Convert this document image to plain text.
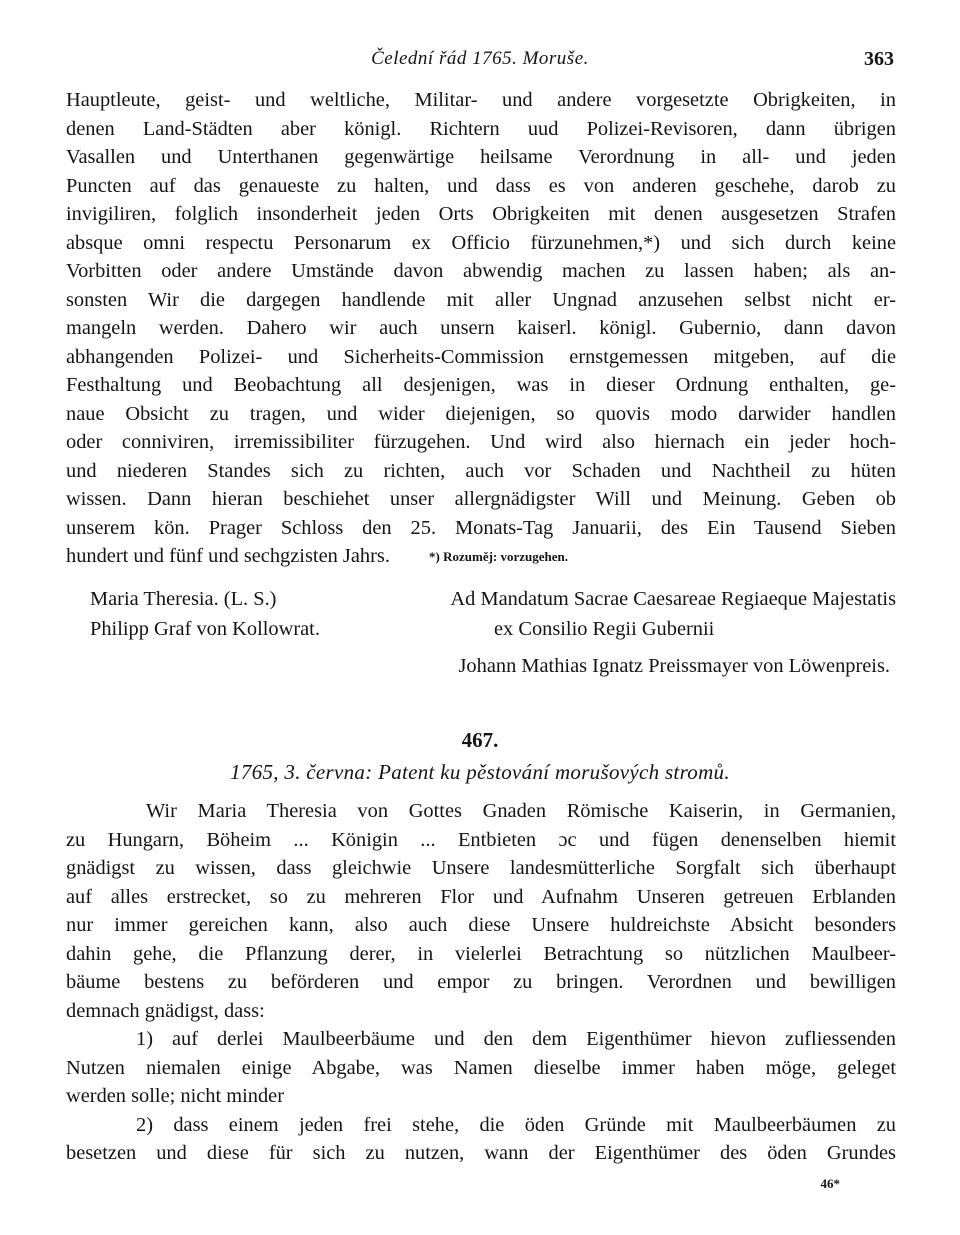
Čelední řád 1765. Moruše.	363
Hauptleute, geist- und weltliche, Militar- und andere vorgesetzte Obrigkeiten, in
denen Land-Städten aber königl. Richtern uud Polizei-Revisoren, dann übrigen
Vasallen und Unterthanen gegenwärtige heilsame Verordnung in all- und jeden
Puncten auf das genaueste zu halten, und dass es von anderen geschehe, darob zu
invigiliren, folglich insonderheit jeden Orts Obrigkeiten mit denen ausgesetzen Strafen
absque omni respectu Personarum ex Officio fürzunehmen,*) und sich durch keine
Vorbitten oder andere Umstände davon abwendig machen zu lassen haben; als an-
sonsten Wir die dargegen handlende mit aller Ungnad anzusehen selbst nicht er-
mangeln werden. Dahero wir auch unsern kaiserl. königl. Gubernio, dann davon
abhangenden Polizei- und Sicherheits-Commission ernstgemessen mitgeben, auf die
Festhaltung und Beobachtung all desjenigen, was in dieser Ordnung enthalten, ge-
naue Obsicht zu tragen, und wider diejenigen, so quovis modo darwider handlen
oder conniviren, irremissibiliter fürzugehen. Und wird also hiernach ein jeder hoch-
und niederen Standes sich zu richten, auch vor Schaden und Nachtheil zu hüten
wissen. Dann hieran beschiehet unser allergnädigster Will und Meinung. Geben ob
unserem kön. Prager Schloss den 25. Monats-Tag Januarii, des Ein Tausend Sieben
hundert und fünf und sechgzisten Jahrs.	*) Rozuměj: vorzugehen.
Maria Theresia. (L. S.)	Ad Mandatum Sacrae Caesareae Regiaeque Majestatis
Philipp Graf von Kollowrat.	ex Consilio Regii Gubernii
Johann Mathias Ignatz Preissmayer von Löwenpreis.
467.
1765, 3. června: Patent ku pěstování morušových stromů.
Wir Maria Theresia von Gottes Gnaden Römische Kaiserin, in Germanien,
zu Hungarn, Böheim ... Königin ... Entbieten ɔc und fügen denenselben hiemit
gnädigst zu wissen, dass gleichwie Unsere landesmütterliche Sorgfalt sich überhaupt
auf alles erstrecket, so zu mehreren Flor und Aufnahm Unseren getreuen Erblanden
nur immer gereichen kann, also auch diese Unsere huldreichste Absicht besonders
dahin gehe, die Pflanzung derer, in vielerlei Betrachtung so nützlichen Maulbeer-
bäume bestens zu beförderen und empor zu bringen. Verordnen und bewilligen
demnach gnädigst, dass:
1) auf derlei Maulbeerbäume und den dem Eigenthümer hievon zufliessenden
Nutzen niemalen einige Abgabe, was Namen dieselbe immer haben möge, geleget
werden solle; nicht minder
2) dass einem jeden frei stehe, die öden Gründe mit Maulbeerbäumen zu
besetzen und diese für sich zu nutzen, wann der Eigenthümer des öden Grundes
46*
